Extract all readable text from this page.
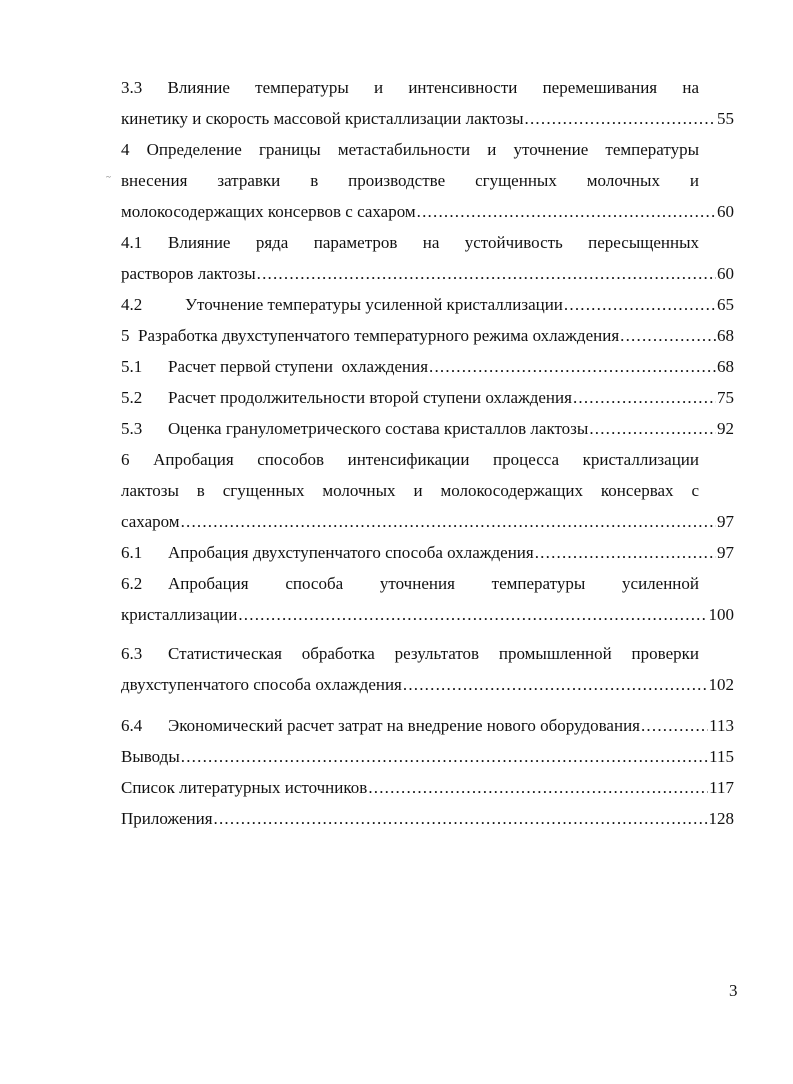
~
3.3 Влияние температуры и интенсивности перемешивания на
кинетику и скорость массовой кристаллизации лактозы .....	55
4 Определение границы метастабильности и уточнение температуры
внесения затравки в производстве сгущенных молочных и
молокосодержащих консервов с сахаром .....	60
4.1	Влияние ряда параметров на устойчивость пересыщенных
растворов лактозы .....	60
4.2	Уточнение температуры усиленной кристаллизации .....	65
5  Разработка двухступенчатого температурного режима охлаждения .....	68
5.1	Расчет первой ступени  охлаждения .....	68
5.2	Расчет продолжительности второй ступени охлаждения .....	75
5.3	Оценка гранулометрического состава кристаллов лактозы .....	92
6 Апробация способов интенсификации процесса кристаллизации
лактозы в сгущенных молочных и молокосодержащих консервах с
сахаром .....	97
6.1	Апробация двухступенчатого способа охлаждения .....	97
6.2	Апробация способа уточнения температуры усиленной
кристаллизации .....	100
6.3	Статистическая обработка результатов промышленной проверки
двухступенчатого способа охлаждения .....	102
6.4	Экономический расчет затрат на внедрение нового оборудования .....	113
Выводы .....	115
Список литературных источников .....	117
Приложения .....	128
3
